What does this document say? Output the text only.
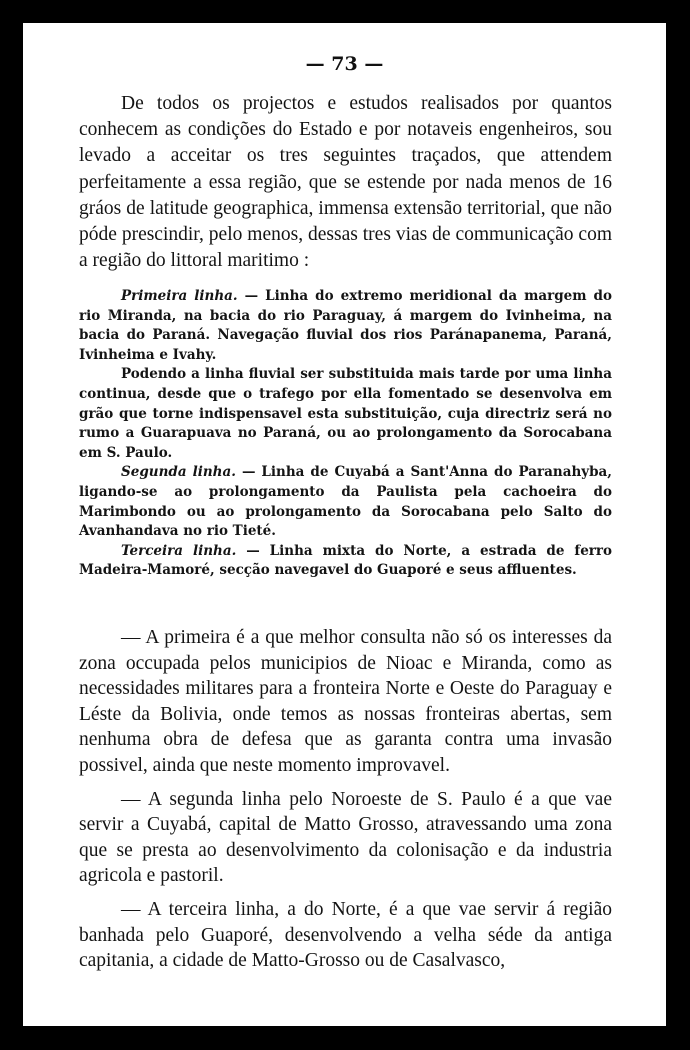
— 73 —

De todos os projectos e estudos realisados por quantos conhecem as condições do Estado e por notaveis engenheiros, sou levado a acceitar os tres seguintes traçados, que attendem perfeitamente a essa região, que se estende por nada menos de 16 gráos de latitude geographica, immensa extensão territorial, que não póde prescindir, pelo menos, dessas tres vias de communicação com a região do littoral maritimo :

Primeira linha. — Linha do extremo meridional da margem do rio Miranda, na bacia do rio Paraguay, á margem do Ivinheima, na bacia do Paraná. Navegação fluvial dos rios Paránapanema, Paraná, Ivinheima e Ivahy.

Podendo a linha fluvial ser substituida mais tarde por uma linha continua, desde que o trafego por ella fomentado se desenvolva em grão que torne indispensavel esta substituição, cuja directriz será no rumo a Guarapuava no Paraná, ou ao prolongamento da Sorocabana em S. Paulo.

Segunda linha. — Linha de Cuyabá a Sant'Anna do Paranahyba, ligando-se ao prolongamento da Paulista pela cachoeira do Marimbondo ou ao prolongamento da Sorocabana pelo Salto do Avanhandava no rio Tieté.

Terceira linha. — Linha mixta do Norte, a estrada de ferro Madeira-Mamoré, secção navegavel do Guaporé e seus affluentes.

— A primeira é a que melhor consulta não só os interesses da zona occupada pelos municipios de Nioac e Miranda, como as necessidades militares para a fronteira Norte e Oeste do Paraguay e Léste da Bolivia, onde temos as nossas fronteiras abertas, sem nenhuma obra de defesa que as garanta contra uma invasão possivel, ainda que neste momento improvavel.

— A segunda linha pelo Noroeste de S. Paulo é a que vae servir a Cuyabá, capital de Matto Grosso, atravessando uma zona que se presta ao desenvolvimento da colonisação e da industria agricola e pastoril.

— A terceira linha, a do Norte, é a que vae servir á região banhada pelo Guaporé, desenvolvendo a velha séde da antiga capitania, a cidade de Matto-Grosso ou de Casalvasco,
